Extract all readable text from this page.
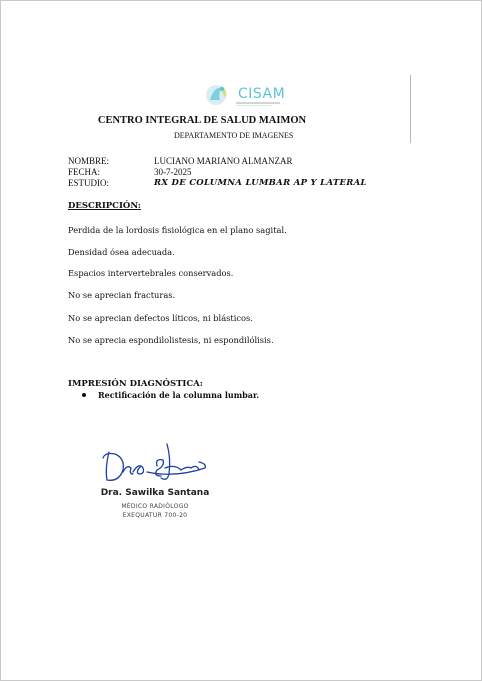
CISAM
CENTRO INTEGRAL DE SALUD MAIMON
DEPARTAMENTO DE IMAGENES
NOMBRE:	LUCIANO MARIANO ALMANZAR
FECHA:	30-7-2025
ESTUDIO:	RX DE COLUMNA LUMBAR AP Y LATERAL
DESCRIPCIÓN:
Perdida de la lordosis fisiológica en el plano sagital.
Densidad ósea adecuada.
Espacios intervertebrales conservados.
No se aprecian fracturas.
No se aprecian defectos líticos, ni blásticos.
No se aprecia espondilolistesis, ni espondilólisis.
IMPRESIÓN DIAGNÓSTICA:
Rectificación de la columna lumbar.
Dra. Sawilka Santana
MÉDICO RADIÓLOGO
EXEQUATUR 700-20
